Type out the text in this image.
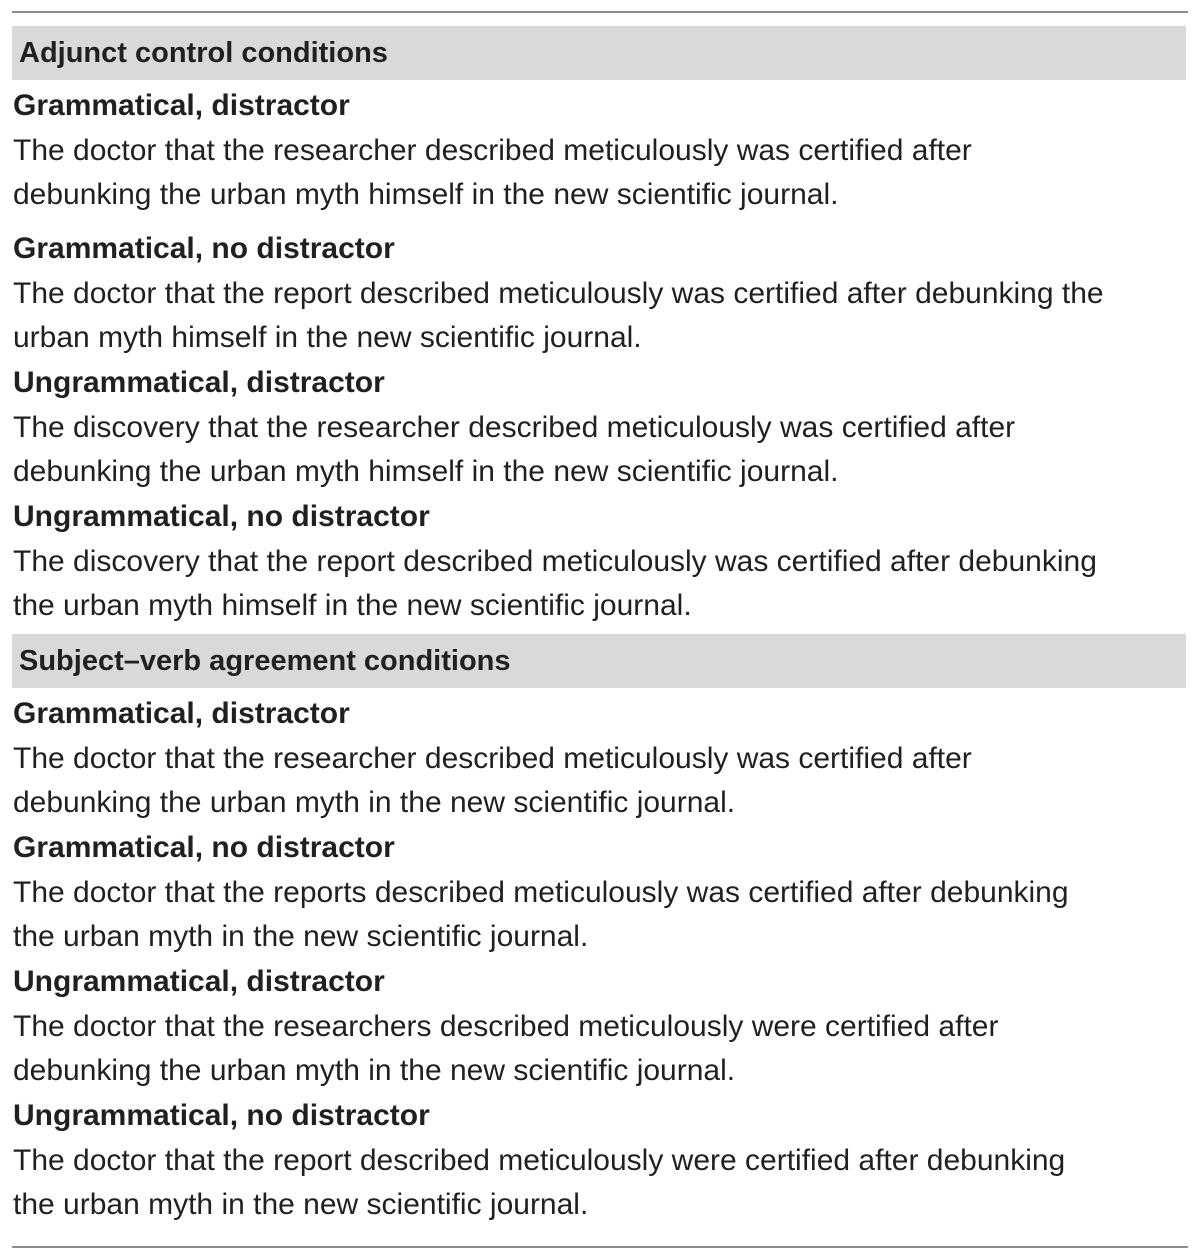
Adjunct control conditions
Grammatical, distractor
The doctor that the researcher described meticulously was certified after
debunking the urban myth himself in the new scientific journal.
Grammatical, no distractor
The doctor that the report described meticulously was certified after debunking the
urban myth himself in the new scientific journal.
Ungrammatical, distractor
The discovery that the researcher described meticulously was certified after
debunking the urban myth himself in the new scientific journal.
Ungrammatical, no distractor
The discovery that the report described meticulously was certified after debunking
the urban myth himself in the new scientific journal.
Subject–verb agreement conditions
Grammatical, distractor
The doctor that the researcher described meticulously was certified after
debunking the urban myth in the new scientific journal.
Grammatical, no distractor
The doctor that the reports described meticulously was certified after debunking
the urban myth in the new scientific journal.
Ungrammatical, distractor
The doctor that the researchers described meticulously were certified after
debunking the urban myth in the new scientific journal.
Ungrammatical, no distractor
The doctor that the report described meticulously were certified after debunking
the urban myth in the new scientific journal.
